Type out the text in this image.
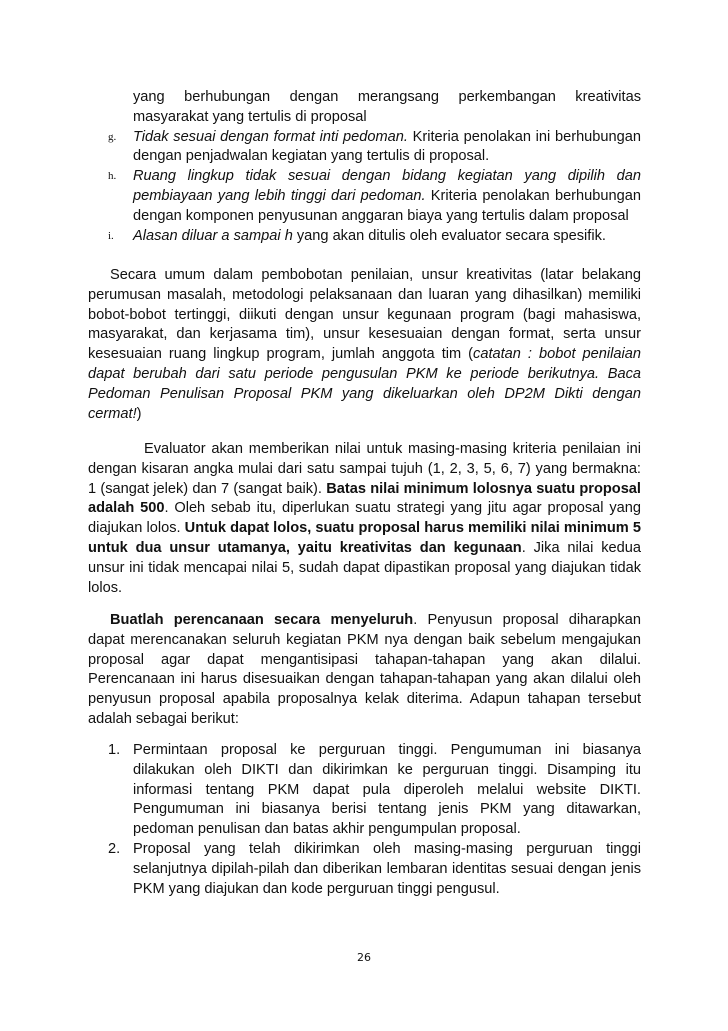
yang berhubungan dengan merangsang perkembangan kreativitas masyarakat yang tertulis di proposal
g. Tidak sesuai dengan format inti pedoman. Kriteria penolakan ini berhubungan dengan penjadwalan kegiatan yang tertulis di proposal.
h. Ruang lingkup tidak sesuai dengan bidang kegiatan yang dipilih dan pembiayaan yang lebih tinggi dari pedoman. Kriteria penolakan berhubungan dengan komponen penyusunan anggaran biaya yang tertulis dalam proposal
i. Alasan diluar a sampai h yang akan ditulis oleh evaluator secara spesifik.
Secara umum dalam pembobotan penilaian, unsur kreativitas (latar belakang perumusan masalah, metodologi pelaksanaan dan luaran yang dihasilkan) memiliki bobot-bobot tertinggi, diikuti dengan unsur kegunaan program (bagi mahasiswa, masyarakat, dan kerjasama tim), unsur kesesuaian dengan format, serta unsur kesesuaian ruang lingkup program, jumlah anggota tim (catatan : bobot penilaian dapat berubah dari satu periode pengusulan PKM ke periode berikutnya. Baca Pedoman Penulisan Proposal PKM yang dikeluarkan oleh DP2M Dikti dengan cermat!)
Evaluator akan memberikan nilai untuk masing-masing kriteria penilaian ini dengan kisaran angka mulai dari satu sampai tujuh (1, 2, 3, 5, 6, 7) yang bermakna: 1 (sangat jelek) dan 7 (sangat baik). Batas nilai minimum lolosnya suatu proposal adalah 500. Oleh sebab itu, diperlukan suatu strategi yang jitu agar proposal yang diajukan lolos. Untuk dapat lolos, suatu proposal harus memiliki nilai minimum 5 untuk dua unsur utamanya, yaitu kreativitas dan kegunaan. Jika nilai kedua unsur ini tidak mencapai nilai 5, sudah dapat dipastikan proposal yang diajukan tidak lolos.
Buatlah perencanaan secara menyeluruh. Penyusun proposal diharapkan dapat merencanakan seluruh kegiatan PKM nya dengan baik sebelum mengajukan proposal agar dapat mengantisipasi tahapan-tahapan yang akan dilalui. Perencanaan ini harus disesuaikan dengan tahapan-tahapan yang akan dilalui oleh penyusun proposal apabila proposalnya kelak diterima. Adapun tahapan tersebut adalah sebagai berikut:
1. Permintaan proposal ke perguruan tinggi. Pengumuman ini biasanya dilakukan oleh DIKTI dan dikirimkan ke perguruan tinggi. Disamping itu informasi tentang PKM dapat pula diperoleh melalui website DIKTI. Pengumuman ini biasanya berisi tentang jenis PKM yang ditawarkan, pedoman penulisan dan batas akhir pengumpulan proposal.
2. Proposal yang telah dikirimkan oleh masing-masing perguruan tinggi selanjutnya dipilah-pilah dan diberikan lembaran identitas sesuai dengan jenis PKM yang diajukan dan kode perguruan tinggi pengusul.
26
